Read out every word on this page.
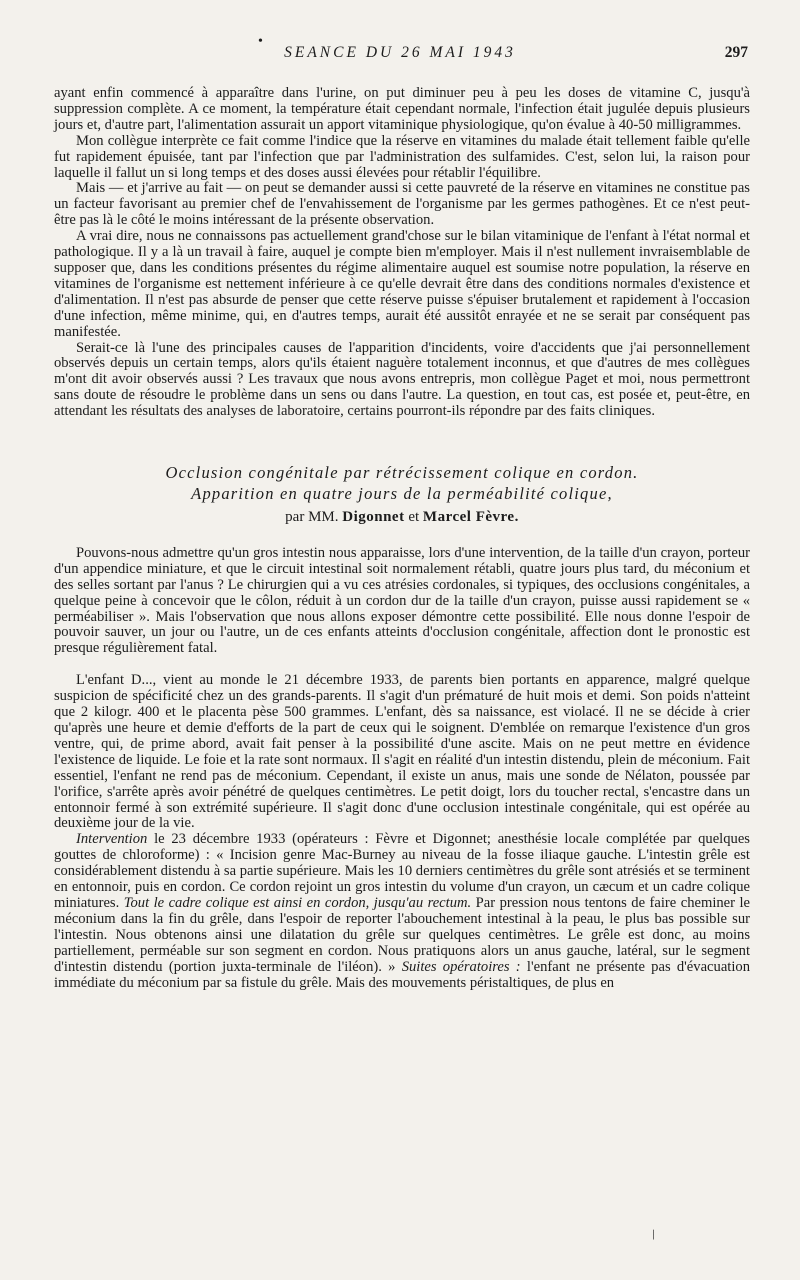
•
SEANCE DU 26 MAI 1943	297

ayant enfin commencé à apparaître dans l'urine, on put diminuer peu à peu les doses de vitamine C, jusqu'à suppression complète. A ce moment, la température était cependant normale, l'infection était jugulée depuis plusieurs jours et, d'autre part, l'alimentation assurait un apport vitaminique physiologique, qu'on évalue à 40-50 milligrammes.

Mon collègue interprète ce fait comme l'indice que la réserve en vitamines du malade était tellement faible qu'elle fut rapidement épuisée, tant par l'infection que par l'administration des sulfamides. C'est, selon lui, la raison pour laquelle il fallut un si long temps et des doses aussi élevées pour rétablir l'équilibre.

Mais — et j'arrive au fait — on peut se demander aussi si cette pauvreté de la réserve en vitamines ne constitue pas un facteur favorisant au premier chef de l'envahissement de l'organisme par les germes pathogènes. Et ce n'est peut-être pas là le côté le moins intéressant de la présente observation.

A vrai dire, nous ne connaissons pas actuellement grand'chose sur le bilan vitaminique de l'enfant à l'état normal et pathologique. Il y a là un travail à faire, auquel je compte bien m'employer. Mais il n'est nullement invraisemblable de supposer que, dans les conditions présentes du régime alimentaire auquel est soumise notre population, la réserve en vitamines de l'organisme est nettement inférieure à ce qu'elle devrait être dans des conditions normales d'existence et d'alimentation. Il n'est pas absurde de penser que cette réserve puisse s'épuiser brutalement et rapidement à l'occasion d'une infection, même minime, qui, en d'autres temps, aurait été aussitôt enrayée et ne se serait par conséquent pas manifestée.

Serait-ce là l'une des principales causes de l'apparition d'incidents, voire d'accidents que j'ai personnellement observés depuis un certain temps, alors qu'ils étaient naguère totalement inconnus, et que d'autres de mes collègues m'ont dit avoir observés aussi ? Les travaux que nous avons entrepris, mon collègue Paget et moi, nous permettront sans doute de résoudre le problème dans un sens ou dans l'autre. La question, en tout cas, est posée et, peut-être, en attendant les résultats des analyses de laboratoire, certains pourront-ils répondre par des faits cliniques.

Occlusion congénitale par rétrécissement colique en cordon.

Apparition en quatre jours de la perméabilité colique,

par MM. Digonnet et Marcel Fèvre.

Pouvons-nous admettre qu'un gros intestin nous apparaisse, lors d'une intervention, de la taille d'un crayon, porteur d'un appendice miniature, et que le circuit intestinal soit normalement rétabli, quatre jours plus tard, du méconium et des selles sortant par l'anus ? Le chirurgien qui a vu ces atrésies cordonales, si typiques, des occlusions congénitales, a quelque peine à concevoir que le côlon, réduit à un cordon dur de la taille d'un crayon, puisse aussi rapidement se « perméabiliser ». Mais l'observation que nous allons exposer démontre cette possibilité. Elle nous donne l'espoir de pouvoir sauver, un jour ou l'autre, un de ces enfants atteints d'occlusion congénitale, affection dont le pronostic est presque régulièrement fatal.

L'enfant D..., vient au monde le 21 décembre 1933, de parents bien portants en apparence, malgré quelque suspicion de spécificité chez un des grands-parents. Il s'agit d'un prématuré de huit mois et demi. Son poids n'atteint que 2 kilogr. 400 et le placenta pèse 500 grammes. L'enfant, dès sa naissance, est violacé. Il ne se décide à crier qu'après une heure et demie d'efforts de la part de ceux qui le soignent. D'emblée on remarque l'existence d'un gros ventre, qui, de prime abord, avait fait penser à la possibilité d'une ascite. Mais on ne peut mettre en évidence l'existence de liquide. Le foie et la rate sont normaux. Il s'agit en réalité d'un intestin distendu, plein de méconium. Fait essentiel, l'enfant ne rend pas de méconium. Cependant, il existe un anus, mais une sonde de Nélaton, poussée par l'orifice, s'arrête après avoir pénétré de quelques centimètres. Le petit doigt, lors du toucher rectal, s'encastre dans un entonnoir fermé à son extrémité supérieure. Il s'agit donc d'une occlusion intestinale congénitale, qui est opérée au deuxième jour de la vie.

Intervention le 23 décembre 1933 (opérateurs : Fèvre et Digonnet; anesthésie locale complétée par quelques gouttes de chloroforme) : « Incision genre Mac-Burney au niveau de la fosse iliaque gauche. L'intestin grêle est considérablement distendu à sa partie supérieure. Mais les 10 derniers centimètres du grêle sont atrésiés et se terminent en entonnoir, puis en cordon. Ce cordon rejoint un gros intestin du volume d'un crayon, un cæcum et un cadre colique miniatures. Tout le cadre colique est ainsi en cordon, jusqu'au rectum. Par pression nous tentons de faire cheminer le méconium dans la fin du grêle, dans l'espoir de reporter l'abouchement intestinal à la peau, le plus bas possible sur l'intestin. Nous obtenons ainsi une dilatation du grêle sur quelques centimètres. Le grêle est donc, au moins partiellement, perméable sur son segment en cordon. Nous pratiquons alors un anus gauche, latéral, sur le segment d'intestin distendu (portion juxta-terminale de l'iléon). » Suites opératoires : l'enfant ne présente pas d'évacuation immédiate du méconium par sa fistule du grêle. Mais des mouvements péristaltiques, de plus en

/
